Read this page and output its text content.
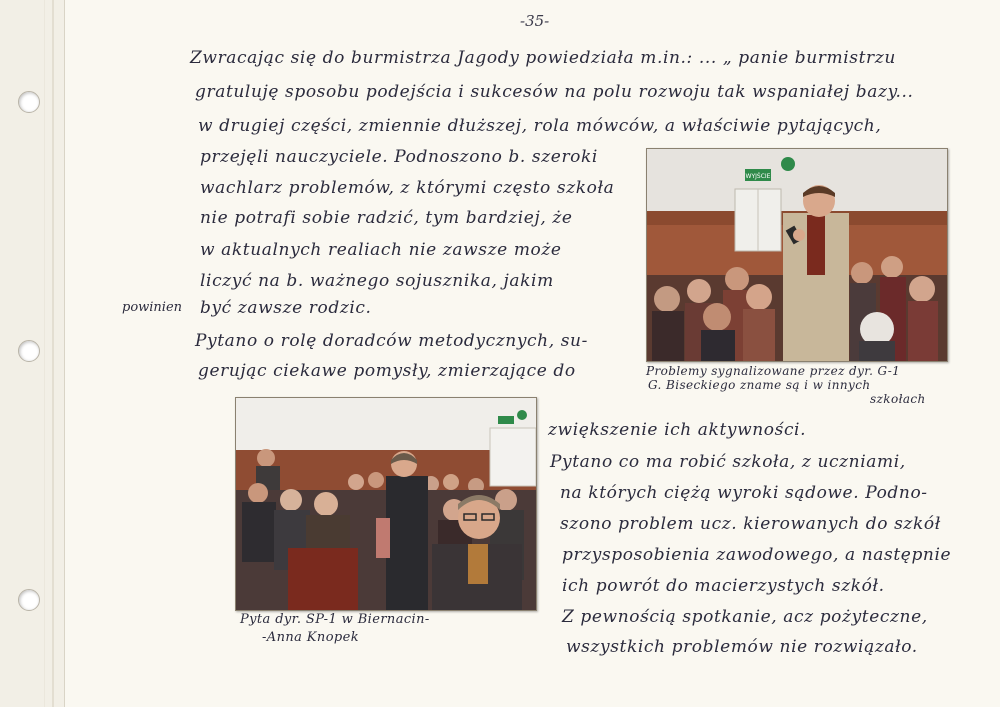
-35-
Zwracając się do burmistrza Jagody powiedziała m.in.: ... „ panie burmistrzu
gratuluję sposobu podejścia i sukcesów na polu rozwoju tak wspaniałej bazy...
w drugiej części, zmiennie dłuższej, rola mówców, a właściwie pytających,
przejęli nauczyciele. Podnoszono b. szeroki
wachlarz problemów, z którymi często szkoła
nie potrafi sobie radzić, tym bardziej, że
w aktualnych realiach nie zawsze może
liczyć na b. ważnego sojusznika, jakim
powinien być zawsze rodzic.
Pytano o rolę doradców metodycznych, su-
gerując ciekawe pomysły, zmierzające do
WYJŚCIE
Problemy sygnalizowane przez dyr. G-1
G. Biseckiego zname są i w innych
szkołach
Pyta dyr. SP-1 w Biernacin-
-Anna Knopek
zwiększenie ich aktywności.
Pytano co ma robić szkoła, z uczniami,
na których ciężą wyroki sądowe. Podno-
szono problem ucz. kierowanych do szkół
przysposobienia zawodowego, a następnie
ich powrót do macierzystych szkół.
Z pewnością spotkanie, acz pożyteczne,
wszystkich problemów nie rozwiązało.
